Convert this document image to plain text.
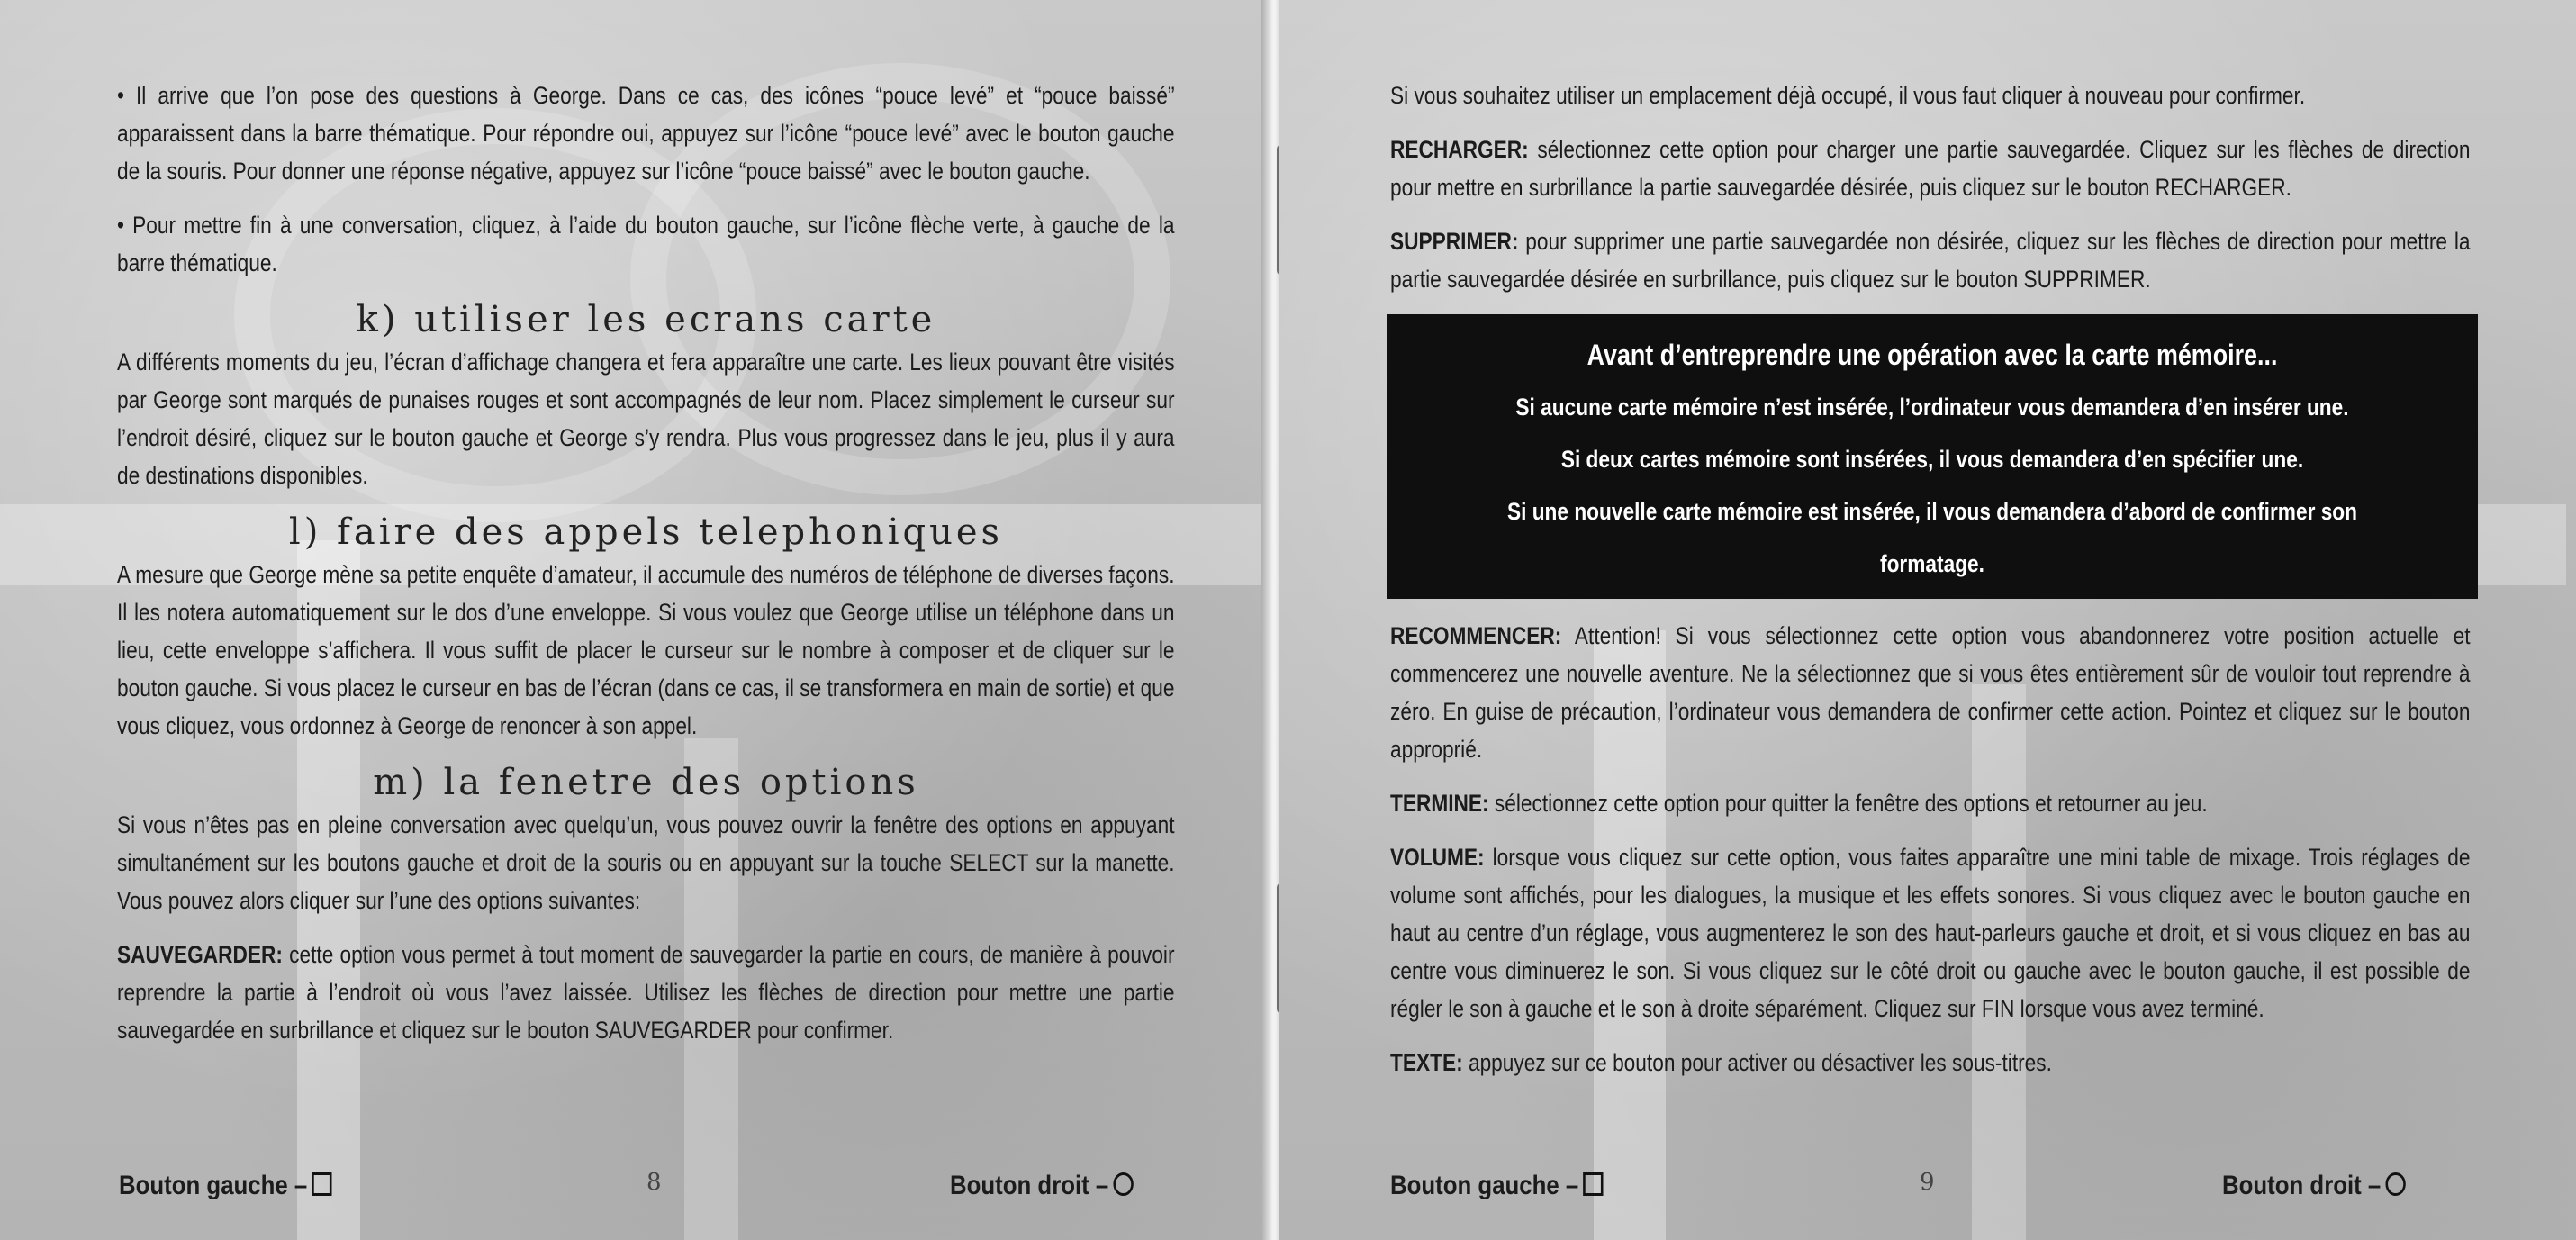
• Il arrive que l’on pose des questions à George. Dans ce cas, des icônes “pouce levé” et “pouce baissé” apparaissent dans la barre thématique. Pour répondre oui, appuyez sur l’icône “pouce levé” avec le bouton gauche de la souris. Pour donner une réponse négative, appuyez sur l’icône “pouce baissé” avec le bouton gauche.

• Pour mettre fin à une conversation, cliquez, à l’aide du bouton gauche, sur l’icône flèche verte, à gauche de la barre thématique.

k) utiliser les ecrans carte

A différents moments du jeu, l’écran d’affichage changera et fera apparaître une carte. Les lieux pouvant être visités par George sont marqués de punaises rouges et sont accompagnés de leur nom. Placez simplement le curseur sur l’endroit désiré, cliquez sur le bouton gauche et George s’y rendra. Plus vous progressez dans le jeu, plus il y aura de destinations disponibles.

l) faire des appels telephoniques

A mesure que George mène sa petite enquête d’amateur, il accumule des numéros de téléphone de diverses façons. Il les notera automatiquement sur le dos d’une enveloppe. Si vous voulez que George utilise un téléphone dans un lieu, cette enveloppe s’affichera. Il vous suffit de placer le curseur sur le nombre à composer et de cliquer sur le bouton gauche. Si vous placez le curseur en bas de l’écran (dans ce cas, il se transformera en main de sortie) et que vous cliquez, vous ordonnez à George de renoncer à son appel.

m) la fenetre des options

Si vous n’êtes pas en pleine conversation avec quelqu’un, vous pouvez ouvrir la fenêtre des options en appuyant simultanément sur les boutons gauche et droit de la souris ou en appuyant sur la touche SELECT sur la manette. Vous pouvez alors cliquer sur l’une des options suivantes:

SAUVEGARDER: cette option vous permet à tout moment de sauvegarder la partie en cours, de manière à pouvoir reprendre la partie à l’endroit où vous l’avez laissée. Utilisez les flèches de direction pour mettre une partie sauvegardée en surbrillance et cliquez sur le bouton SAUVEGARDER pour confirmer.

Bouton gauche –	8	Bouton droit –

Si vous souhaitez utiliser un emplacement déjà occupé, il vous faut cliquer à nouveau pour confirmer.

RECHARGER: sélectionnez cette option pour charger une partie sauvegardée. Cliquez sur les flèches de direction pour mettre en surbrillance la partie sauvegardée désirée, puis cliquez sur le bouton RECHARGER.

SUPPRIMER: pour supprimer une partie sauvegardée non désirée, cliquez sur les flèches de direction pour mettre la partie sauvegardée désirée en surbrillance, puis cliquez sur le bouton SUPPRIMER.

Avant d’entreprendre une opération avec la carte mémoire...
Si aucune carte mémoire n’est insérée, l’ordinateur vous demandera d’en insérer une.
Si deux cartes mémoire sont insérées, il vous demandera d’en spécifier une.
Si une nouvelle carte mémoire est insérée, il vous demandera d’abord de confirmer son formatage.

RECOMMENCER: Attention! Si vous sélectionnez cette option vous abandonnerez votre position actuelle et commencerez une nouvelle aventure. Ne la sélectionnez que si vous êtes entièrement sûr de vouloir tout reprendre à zéro. En guise de précaution, l’ordinateur vous demandera de confirmer cette action. Pointez et cliquez sur le bouton approprié.

TERMINE: sélectionnez cette option pour quitter la fenêtre des options et retourner au jeu.

VOLUME: lorsque vous cliquez sur cette option, vous faites apparaître une mini table de mixage. Trois réglages de volume sont affichés, pour les dialogues, la musique et les effets sonores. Si vous cliquez avec le bouton gauche en haut au centre d’un réglage, vous augmenterez le son des haut-parleurs gauche et droit, et si vous cliquez en bas au centre vous diminuerez le son. Si vous cliquez sur le côté droit ou gauche avec le bouton gauche, il est possible de régler le son à gauche et le son à droite séparément. Cliquez sur FIN lorsque vous avez terminé.

TEXTE: appuyez sur ce bouton pour activer ou désactiver les sous-titres.

Bouton gauche –	9	Bouton droit –
